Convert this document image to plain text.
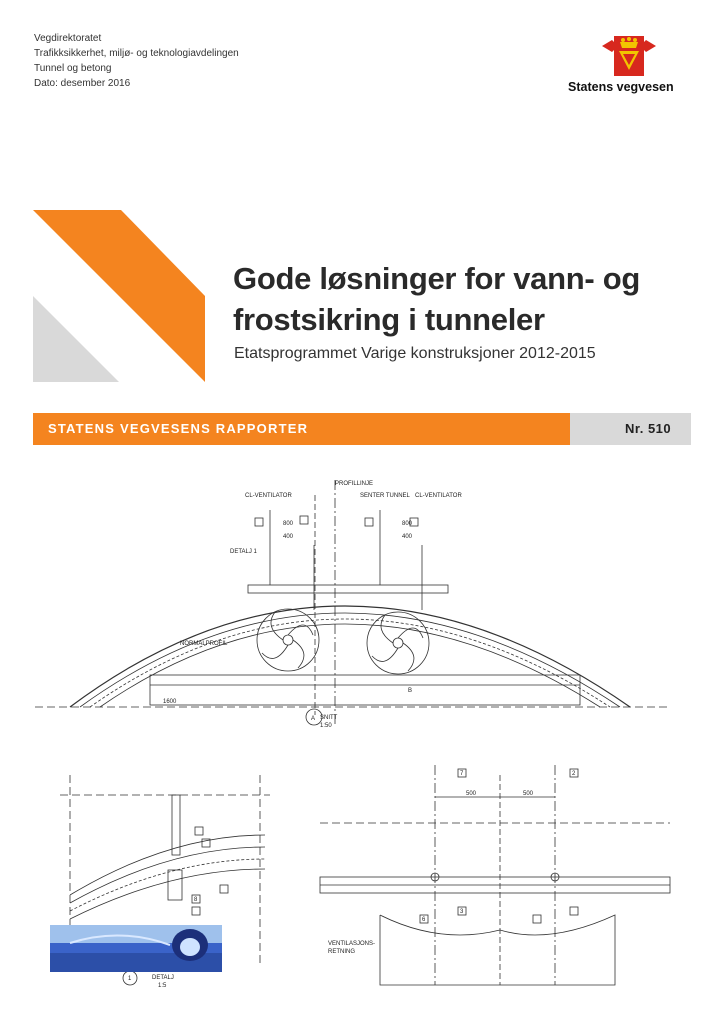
Vegdirektoratet
Trafikksikkerhet, miljø- og teknologiavdelingen
Tunnel og betong
Dato: desember 2016	Statens vegvesen
Gode løsninger for vann- og
frostsikring i tunneler
Etatsprogrammet Varige konstruksjoner 2012-2015
STATENS VEGVESENS RAPPORTER	Nr. 510
CL-VENTILATOR	SENTER TUNNEL CL-VENTILATOR
PROFILLINJE
DETALJ 1
NORMALPROFIL
SNITT
1:50
A
B
800	800
400	400
1600
1	DETALJ
1:5
500	500
7	2
3
6
8
VENTILASJONS-
RETNING
